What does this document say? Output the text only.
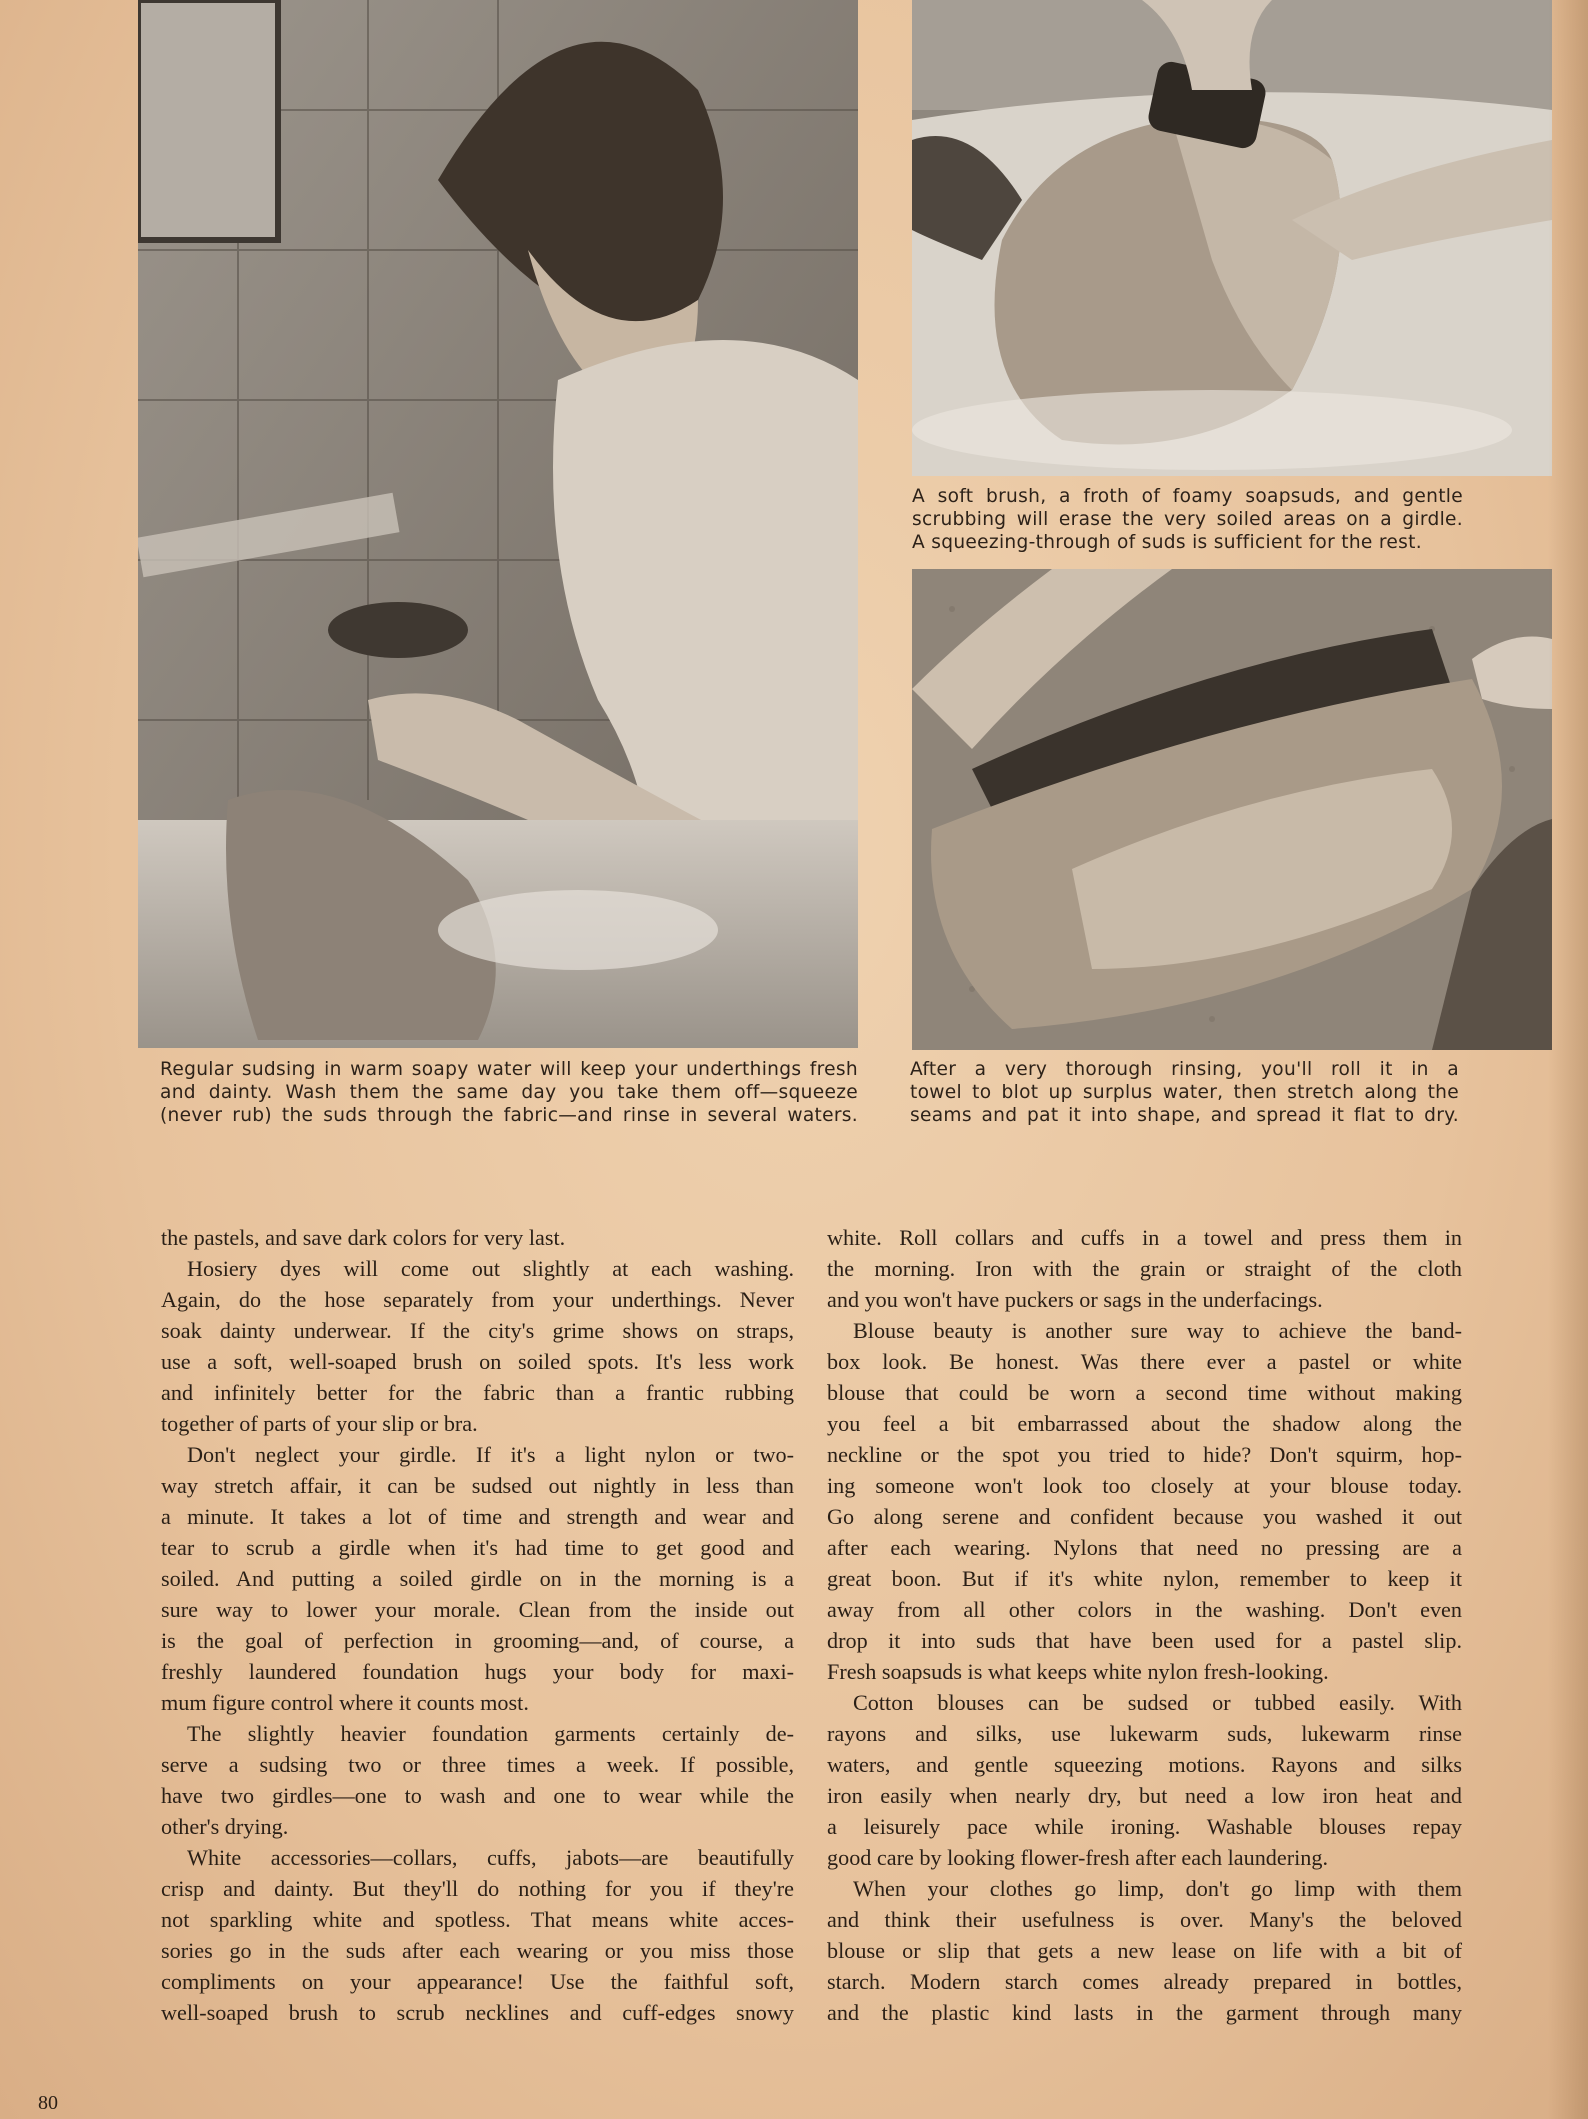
A soft brush, a froth of foamy soapsuds, and gentle
scrubbing will erase the very soiled areas on a girdle.
A squeezing-through of suds is sufficient for the rest.

Regular sudsing in warm soapy water will keep your underthings fresh
and dainty. Wash them the same day you take them off—squeeze
(never rub) the suds through the fabric—and rinse in several waters.

After a very thorough rinsing, you'll roll it in a
towel to blot up surplus water, then stretch along the
seams and pat it into shape, and spread it flat to dry.

the pastels, and save dark colors for very last.
Hosiery dyes will come out slightly at each washing.
Again, do the hose separately from your underthings. Never
soak dainty underwear. If the city's grime shows on straps,
use a soft, well-soaped brush on soiled spots. It's less work
and infinitely better for the fabric than a frantic rubbing
together of parts of your slip or bra.
Don't neglect your girdle. If it's a light nylon or two-
way stretch affair, it can be sudsed out nightly in less than
a minute. It takes a lot of time and strength and wear and
tear to scrub a girdle when it's had time to get good and
soiled. And putting a soiled girdle on in the morning is a
sure way to lower your morale. Clean from the inside out
is the goal of perfection in grooming—and, of course, a
freshly laundered foundation hugs your body for maxi-
mum figure control where it counts most.
The slightly heavier foundation garments certainly de-
serve a sudsing two or three times a week. If possible,
have two girdles—one to wash and one to wear while the
other's drying.
White accessories—collars, cuffs, jabots—are beautifully
crisp and dainty. But they'll do nothing for you if they're
not sparkling white and spotless. That means white acces-
sories go in the suds after each wearing or you miss those
compliments on your appearance! Use the faithful soft,
well-soaped brush to scrub necklines and cuff-edges snowy
white. Roll collars and cuffs in a towel and press them in
the morning. Iron with the grain or straight of the cloth
and you won't have puckers or sags in the underfacings.
Blouse beauty is another sure way to achieve the band-
box look. Be honest. Was there ever a pastel or white
blouse that could be worn a second time without making
you feel a bit embarrassed about the shadow along the
neckline or the spot you tried to hide? Don't squirm, hop-
ing someone won't look too closely at your blouse today.
Go along serene and confident because you washed it out
after each wearing. Nylons that need no pressing are a
great boon. But if it's white nylon, remember to keep it
away from all other colors in the washing. Don't even
drop it into suds that have been used for a pastel slip.
Fresh soapsuds is what keeps white nylon fresh-looking.
Cotton blouses can be sudsed or tubbed easily. With
rayons and silks, use lukewarm suds, lukewarm rinse
waters, and gentle squeezing motions. Rayons and silks
iron easily when nearly dry, but need a low iron heat and
a leisurely pace while ironing. Washable blouses repay
good care by looking flower-fresh after each laundering.
When your clothes go limp, don't go limp with them
and think their usefulness is over. Many's the beloved
blouse or slip that gets a new lease on life with a bit of
starch. Modern starch comes already prepared in bottles,
and the plastic kind lasts in the garment through many
80
